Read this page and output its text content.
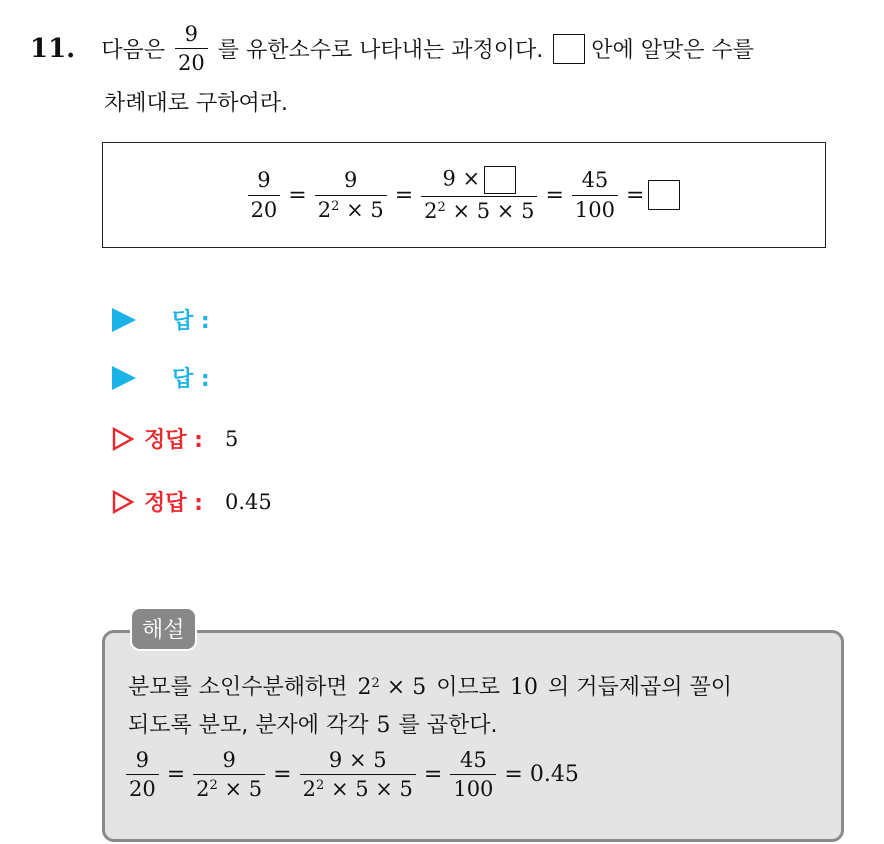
11. 다음은 $\frac{9}{20}$ 를 유한소수로 나타내는 과정이다. 안에 알맞은 수를
차례대로 구하여라.
$\frac{9}{20} = \frac{9}{2^2 \times 5} = \frac{9 \times}{2^2 \times 5 \times 5} = \frac{45}{100}$ =
답 :
답 :
정답 : 5
정답 : 0.45
해설
분모를 소인수분해하면 $2^2 \times 5$ 이므로 10 의 거듭제곱의 꼴이
되도록 분모, 분자에 각각 5 를 곱한다.
$\frac{9}{20} = \frac{9}{2^2 \times 5} = \frac{9 \times 5}{2^2 \times 5 \times 5} = \frac{45}{100} = 0.45$
